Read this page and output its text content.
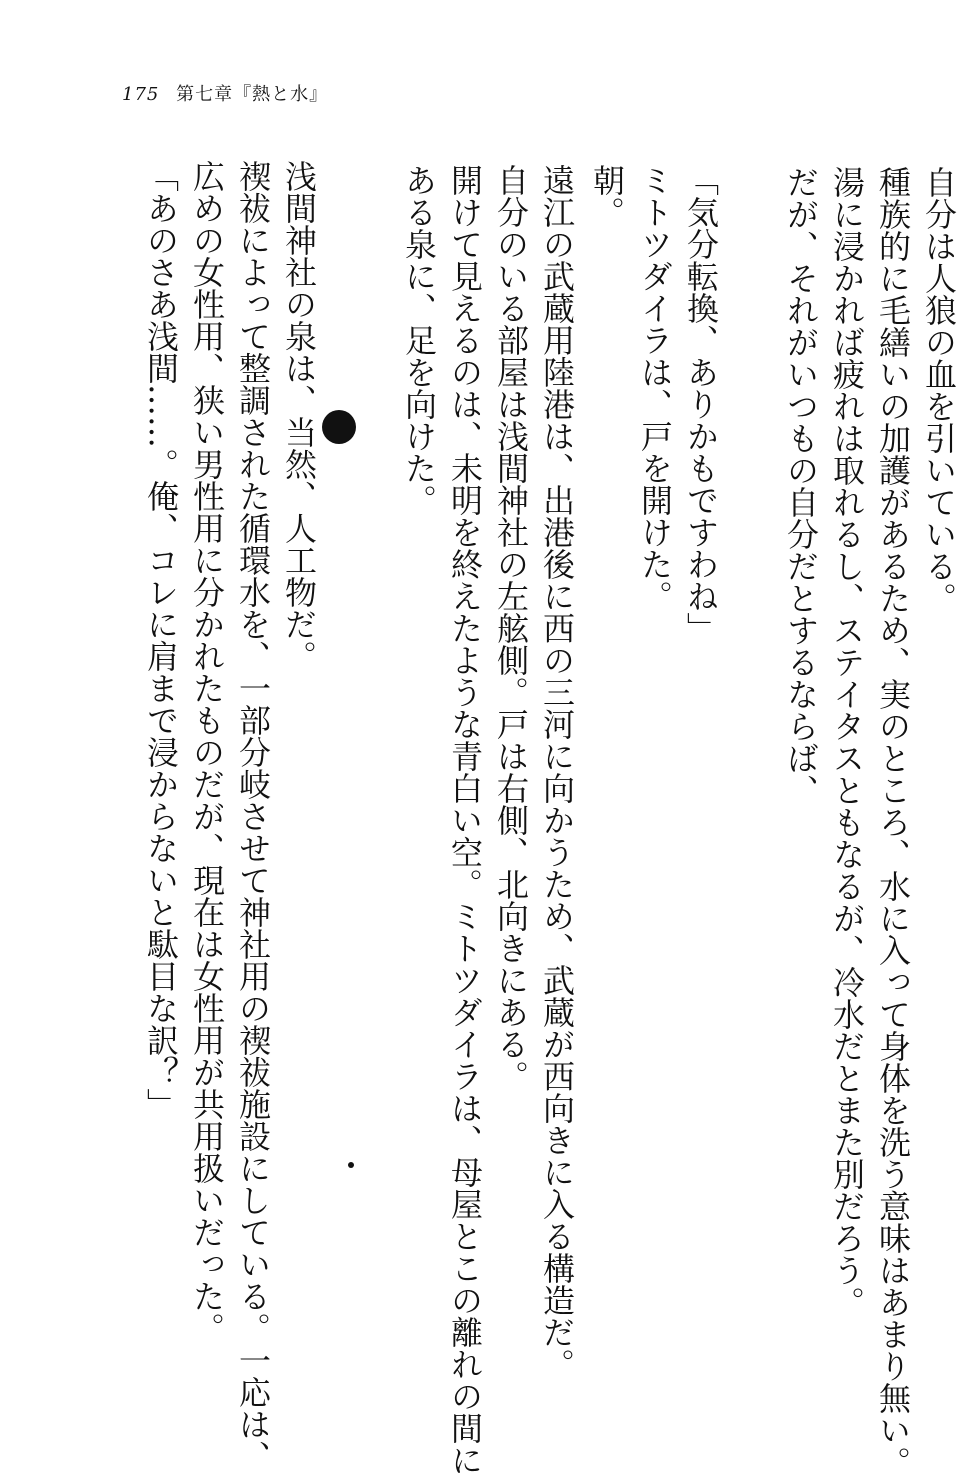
175 第七章『熱と水』
自分は人狼の血を引いている。
種族的に毛繕いの加護があるため、実のところ、水に入って身体を洗う意味はあまり無い。
湯に浸かれば疲れは取れるし、ステイタスともなるが、冷水だとまた別だろう。
だが、それがいつもの自分だとするならば、
「気分転換、ありかもですわね」
ミトツダイラは、戸を開けた。
朝。
遠江の武蔵用陸港は、出港後に西の三河に向かうため、武蔵が西向きに入る構造だ。
自分のいる部屋は浅間神社の左舷側。戸は右側、北向きにある。
開けて見えるのは、未明を終えたような青白い空。ミトツダイラは、母屋とこの離れの間に
ある泉に、足を向けた。
浅間神社の泉は、当然、人工物だ。
禊祓によって整調された循環水を、一部分岐させて神社用の禊祓施設にしている。一応は、
広めの女性用、狭い男性用に分かれたものだが、現在は女性用が共用扱いだった。
「あのさあ浅間……。俺、コレに肩まで浸からないと駄目な訳？」
